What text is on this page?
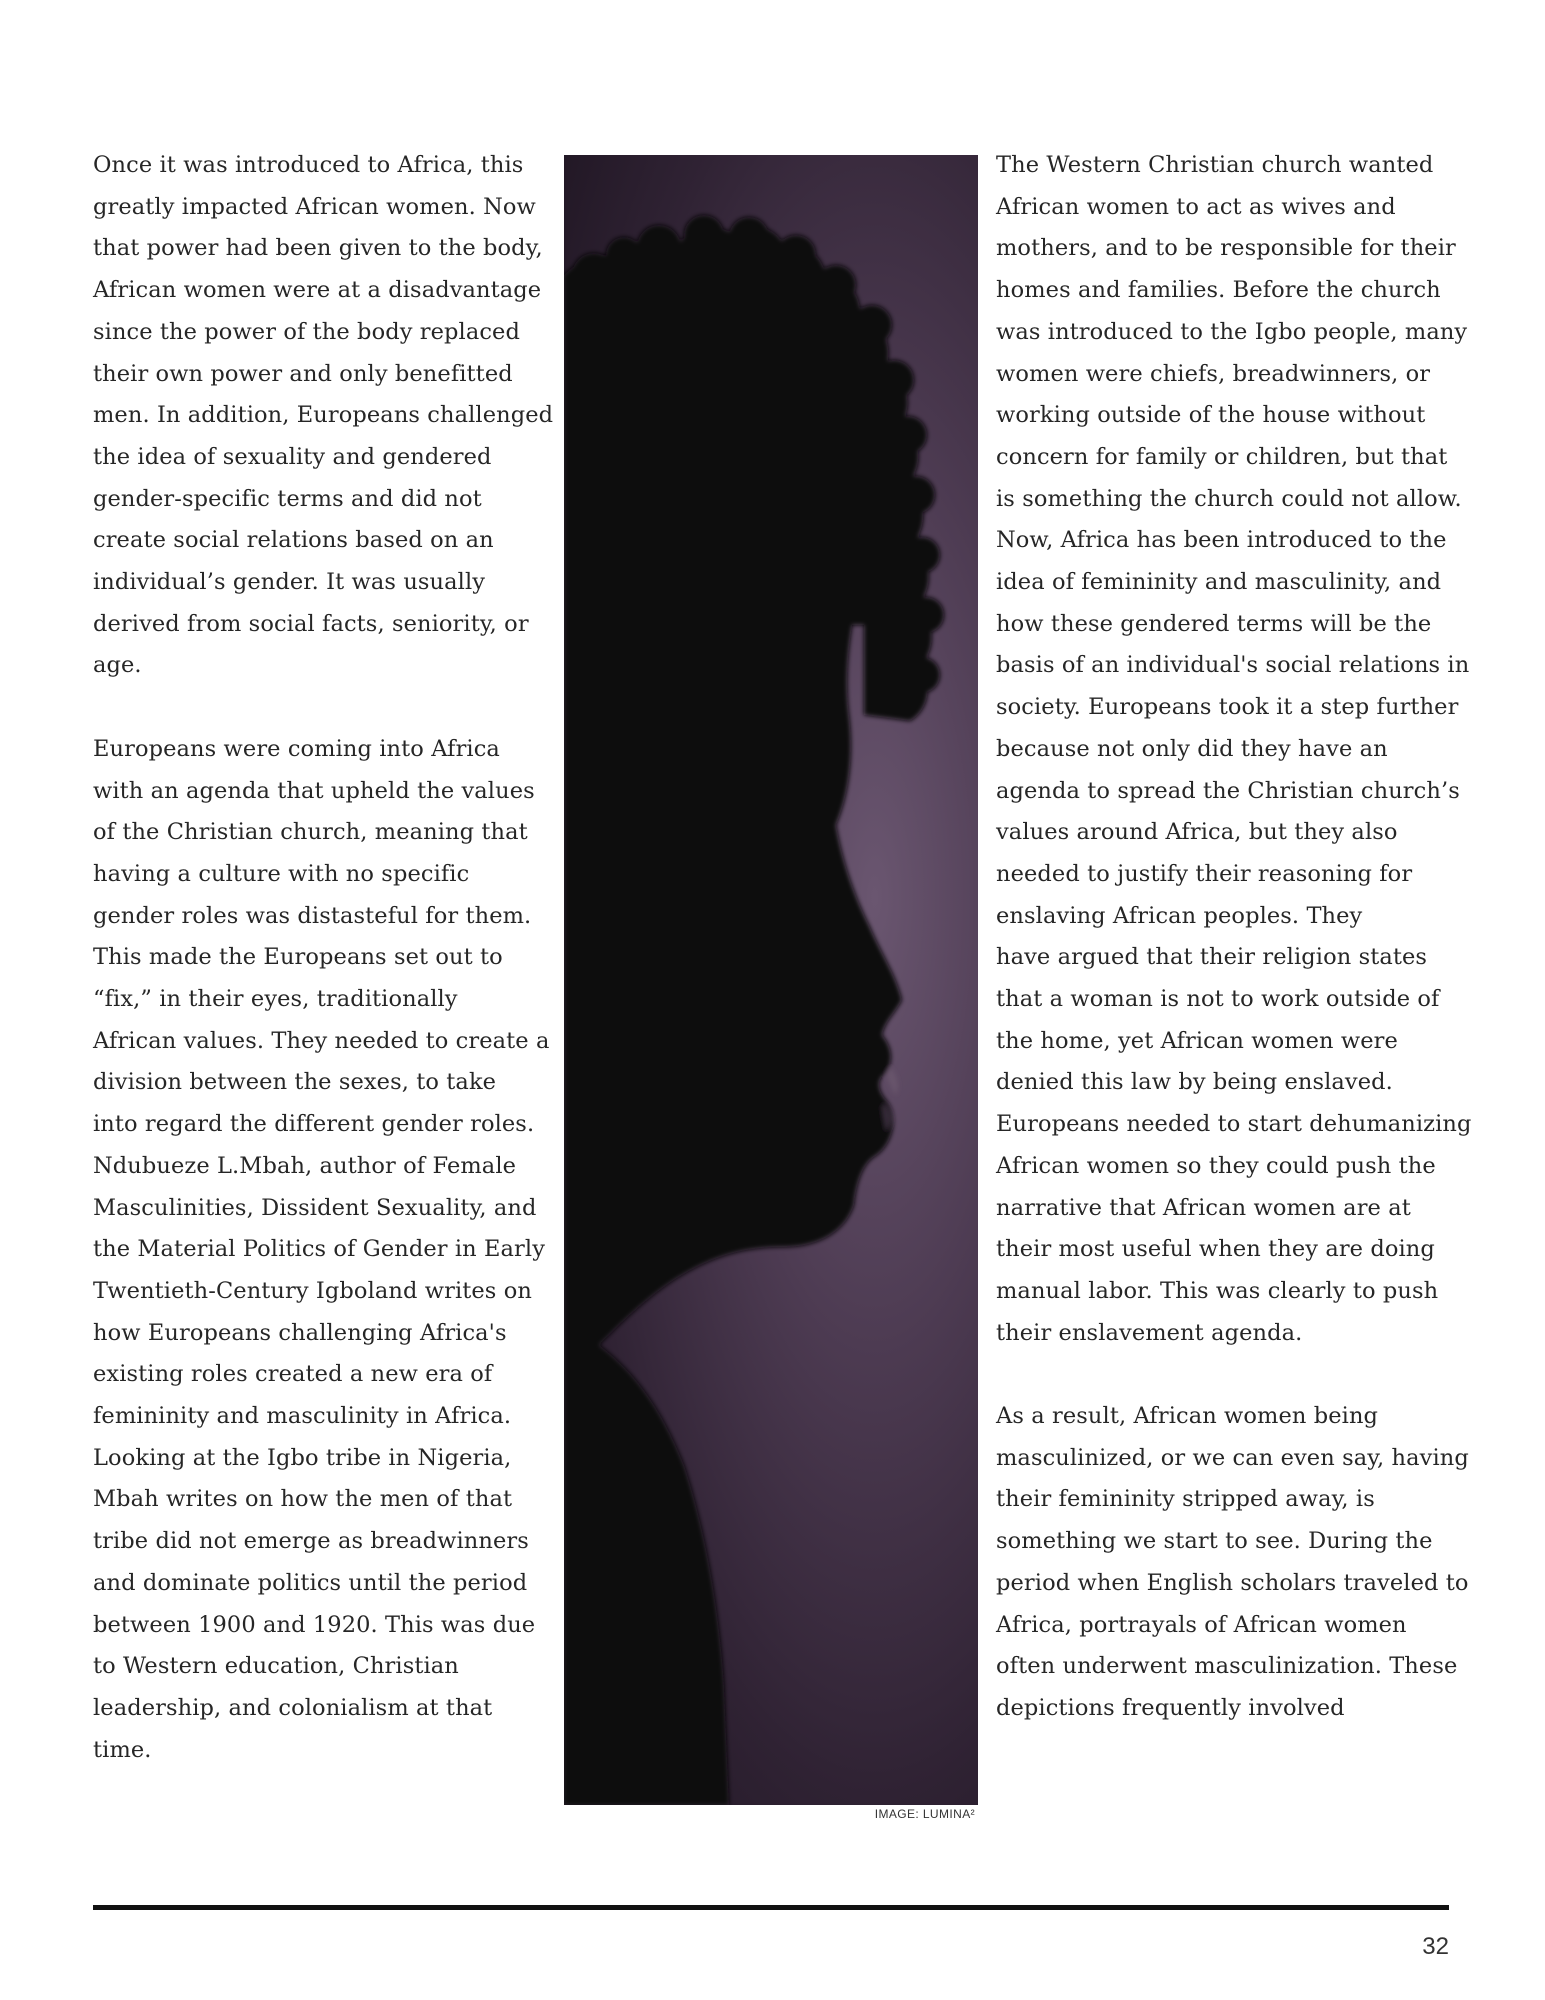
Once it was introduced to Africa, this
greatly impacted African women. Now
that power had been given to the body,
African women were at a disadvantage
since the power of the body replaced
their own power and only benefitted
men. In addition, Europeans challenged
the idea of sexuality and gendered
gender-specific terms and did not
create social relations based on an
individual’s gender. It was usually
derived from social facts, seniority, or
age.

Europeans were coming into Africa
with an agenda that upheld the values
of the Christian church, meaning that
having a culture with no specific
gender roles was distasteful for them.
This made the Europeans set out to
“fix,” in their eyes, traditionally
African values. They needed to create a
division between the sexes, to take
into regard the different gender roles.
Ndubueze L.Mbah, author of Female
Masculinities, Dissident Sexuality, and
the Material Politics of Gender in Early
Twentieth-Century Igboland writes on
how Europeans challenging Africa's
existing roles created a new era of
femininity and masculinity in Africa.
Looking at the Igbo tribe in Nigeria,
Mbah writes on how the men of that
tribe did not emerge as breadwinners
and dominate politics until the period
between 1900 and 1920. This was due
to Western education, Christian
leadership, and colonialism at that
time.

IMAGE: LUMINA²

The Western Christian church wanted
African women to act as wives and
mothers, and to be responsible for their
homes and families. Before the church
was introduced to the Igbo people, many
women were chiefs, breadwinners, or
working outside of the house without
concern for family or children, but that
is something the church could not allow.
Now, Africa has been introduced to the
idea of femininity and masculinity, and
how these gendered terms will be the
basis of an individual's social relations in
society. Europeans took it a step further
because not only did they have an
agenda to spread the Christian church’s
values around Africa, but they also
needed to justify their reasoning for
enslaving African peoples. They
have argued that their religion states
that a woman is not to work outside of
the home, yet African women were
denied this law by being enslaved.
Europeans needed to start dehumanizing
African women so they could push the
narrative that African women are at
their most useful when they are doing
manual labor. This was clearly to push
their enslavement agenda.

As a result, African women being
masculinized, or we can even say, having
their femininity stripped away, is
something we start to see. During the
period when English scholars traveled to
Africa, portrayals of African women
often underwent masculinization. These
depictions frequently involved

32
